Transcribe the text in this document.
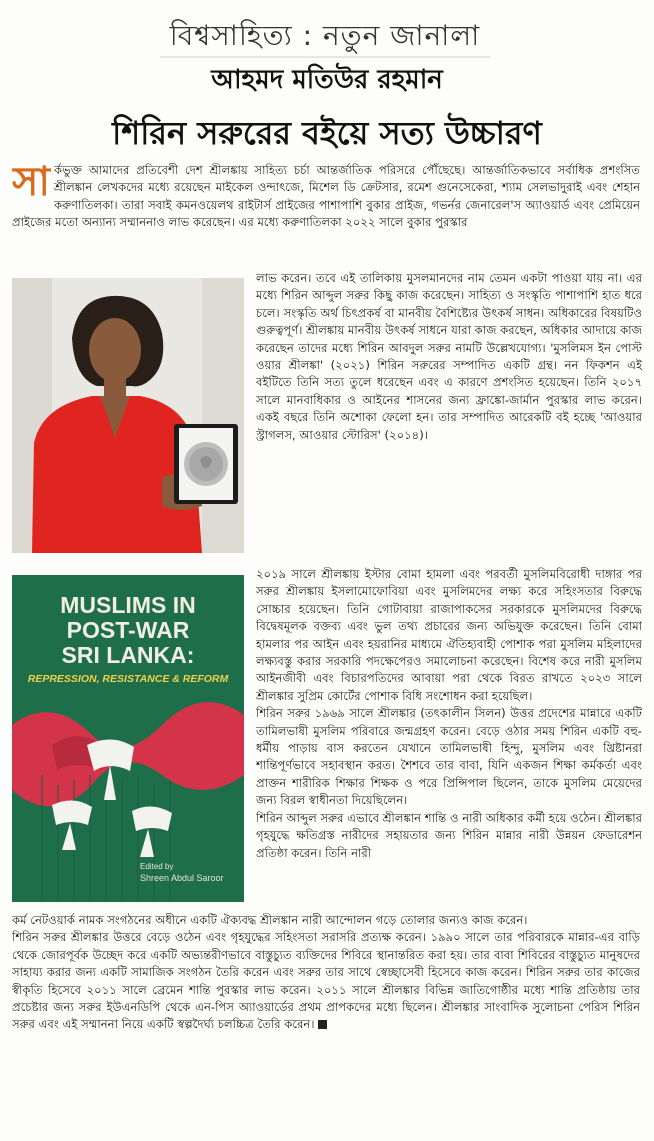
বিশ্বসাহিত্য : নতুন জানালা
আহমদ মতিউর রহমান
শিরিন সরুরের বইয়ে সত্য উচ্চারণ
সা র্কভুক্ত আমাদের প্রতিবেশী দেশ শ্রীলঙ্কায় সাহিত্য চর্চা আন্তর্জাতিক পরিসরে পৌঁছেছে। আন্তর্জাতিকভাবে সর্বাধিক প্রশংসিত শ্রীলঙ্কান লেখকদের মধ্যে রয়েছেন মাইকেল ওন্দাৎজে, মিশেল ডি ক্রেটসার, রমেশ গুনেসেকেরা, শ্যাম সেলভাদুরাই এবং শেহান করুণাতিলকা। তারা সবাই কমনওয়েলথ রাইটার্স প্রাইজের পাশাপাশি বুকার প্রাইজ, গভর্নর জেনারেল'স অ্যাওয়ার্ড এবং প্রেমিয়েন প্রাইজের মতো অন্যান্য সম্মাননাও লাভ করেছেন। এর মধ্যে করুণাতিলকা ২০২২ সালে বুকার পুরস্কার
লাভ করেন। তবে এই তালিকায় মুসলমানদের নাম তেমন একটা পাওয়া যায় না। এর মধ্যে শিরিন আব্দুল সরুর কিছু কাজ করেছেন। সাহিত্য ও সংস্কৃতি পাশাপাশি হাত ধরে চলে। সংস্কৃতি অর্থ চিৎপ্রকর্ষ বা মানবীয় বৈশিষ্ট্যের উৎকর্ষ সাধন। অধিকারের বিষয়টিও গুরুত্বপূর্ণ। শ্রীলঙ্কায় মানবীয় উৎকর্ষ সাধনে যারা কাজ করছেন, অধিকার আদায়ে কাজ করেছেন তাদের মধ্যে শিরিন আবদুল সরুর নামটি উল্লেখযোগ্য। 'মুসলিমস ইন পোস্ট ওয়ার শ্রীলঙ্কা' (২০২১) শিরিন সরুরের সম্পাদিত একটি গ্রন্থ। নন ফিকশন এই বইটিতে তিনি সত্য তুলে ধরেছেন এবং এ কারণে প্রশংসিত হয়েছেন। তিনি ২০১৭ সালে মানবাধিকার ও আইনের শাসনের জন্য ফ্রাঙ্কো-জার্মান পুরস্কার লাভ করেন। একই বছরে তিনি অশোকা ফেলো হন। তার সম্পাদিত আরেকটি বই হচ্ছে 'আওয়ার স্ট্রাগলস, আওয়ার স্টোরিস' (২০১৪)।
২০১৯ সালে শ্রীলঙ্কায় ইস্টার বোমা হামলা এবং পরবর্তী মুসলিমবিরোধী দাঙ্গার পর সরুর শ্রীলঙ্কায় ইসলামোফোবিয়া এবং মুসলিমদের লক্ষ্য করে সহিংসতার বিরুদ্ধে সোচ্চার হয়েছেন। তিনি গোটাবায়া রাজাপাকসের সরকারকে মুসলিমদের বিরুদ্ধে বিদ্বেষমূলক বক্তব্য এবং ভুল তথ্য প্রচারের জন্য অভিযুক্ত করেছেন। তিনি বোমা হামলার পর আইন এবং হয়রানির মাধ্যমে ঐতিহ্যবাহী পোশাক পরা মুসলিম মহিলাদের লক্ষ্যবস্তু করার সরকারি পদক্ষেপেরও সমালোচনা করেছেন। বিশেষ করে নারী মুসলিম আইনজীবী এবং বিচারপতিদের আবায়া পরা থেকে বিরত রাখতে ২০২৩ সালে শ্রীলঙ্কার সুপ্রিম কোর্টের পোশাক বিধি সংশোধন করা হয়েছিল।
শিরিন সরুর ১৯৬৯ সালে শ্রীলঙ্কার (তৎকালীন সিলন) উত্তর প্রদেশের মান্নারে একটি তামিলভাষী মুসলিম পরিবারে জন্মগ্রহণ করেন। বেড়ে ওঠার সময় শিরিন একটি বহু-ধর্মীয় পাড়ায় বাস করতেন যেখানে তামিলভাষী হিন্দু, মুসলিম এবং খ্রিষ্টানরা শান্তিপূর্ণভাবে সহাবস্থান করত। শৈশবে তার বাবা, যিনি একজন শিক্ষা কর্মকর্তা এবং প্রাক্তন শারীরিক শিক্ষার শিক্ষক ও পরে প্রিন্সিপাল ছিলেন, তাকে মুসলিম মেয়েদের জন্য বিরল স্বাধীনতা দিয়েছিলেন।
শিরিন আব্দুল সরুর এভাবে শ্রীলঙ্কান শান্তি ও নারী অধিকার কর্মী হয়ে ওঠেন। শ্রীলঙ্কার গৃহযুদ্ধে ক্ষতিগ্রস্ত নারীদের সহায়তার জন্য শিরিন মান্নার নারী উন্নয়ন ফেডারেশন প্রতিষ্ঠা করেন। তিনি নারী
MUSLIMS IN
POST-WAR
SRI LANKA:
REPRESSION, RESISTANCE & REFORM
Edited by
Shreen Abdul Saroor
কর্ম নেটওয়ার্ক নামক সংগঠনের অধীনে একটি ঐক্যবদ্ধ শ্রীলঙ্কান নারী আন্দোলন গড়ে তোলার জন্যও কাজ করেন।
শিরিন সরুর শ্রীলঙ্কার উত্তরে বেড়ে ওঠেন এবং গৃহযুদ্ধের সহিংসতা সরাসরি প্রত্যক্ষ করেন। ১৯৯০ সালে তার পরিবারকে মান্নার-এর বাড়ি থেকে জোরপূর্বক উচ্ছেদ করে একটি অভ্যন্তরীণভাবে বাস্তুচ্যুত ব্যক্তিদের শিবিরে স্থানান্তরিত করা হয়। তার বাবা শিবিরের বাস্তুচ্যুত মানুষদের সাহায্য করার জন্য একটি সামাজিক সংগঠন তৈরি করেন এবং সরুর তার সাথে স্বেচ্ছাসেবী হিসেবে কাজ করেন। শিরিন সরুর তার কাজের স্বীকৃতি হিসেবে ২০১১ সালে ব্রেমেন শান্তি পুরস্কার লাভ করেন। ২০১১ সালে শ্রীলঙ্কার বিভিন্ন জাতিগোষ্ঠীর মধ্যে শান্তি প্রতিষ্ঠায় তার প্রচেষ্টার জন্য সরুর ইউএনডিপি থেকে এন-পিস অ্যাওয়ার্ডের প্রথম প্রাপকদের মধ্যে ছিলেন। শ্রীলঙ্কার সাংবাদিক সুলোচনা পেরিস শিরিন সরুর এবং এই সম্মাননা নিয়ে একটি স্বল্পদৈর্ঘ্য চলচ্চিত্র তৈরি করেন।
